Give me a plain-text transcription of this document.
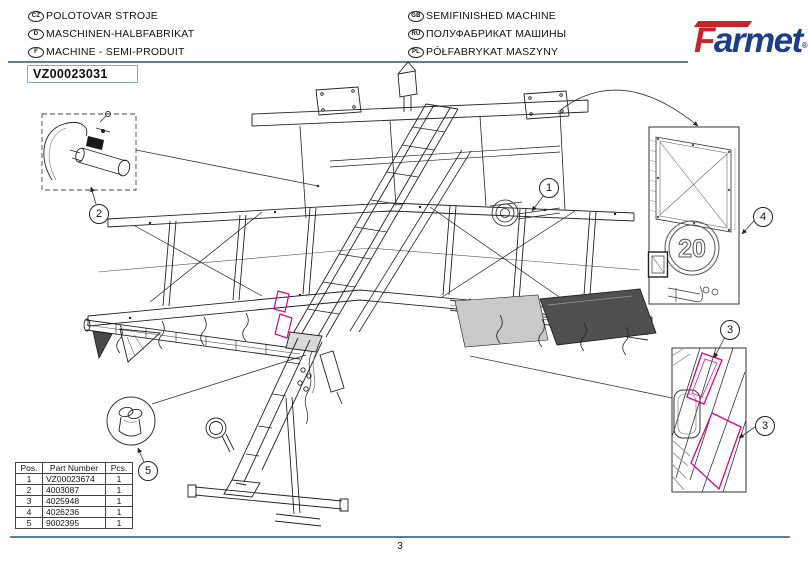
20
CZ POLOTOVAR STROJE
D MASCHINEN-HALBFABRIKAT
F MACHINE - SEMI-PRODUIT
GB SEMIFINISHED MACHINE
RU ПОЛУФАБРИКАТ МАШИНЫ
PL PÓŁFABRYKAT MASZYNY	Farmet®
VZ00023031
1
2
3
3
4
5
Pos.	Part Number	Pcs.
1	VZ00023674	1
2	4003087	1
3	4025948	1
4	4026236	1
5	9002395	1
3
